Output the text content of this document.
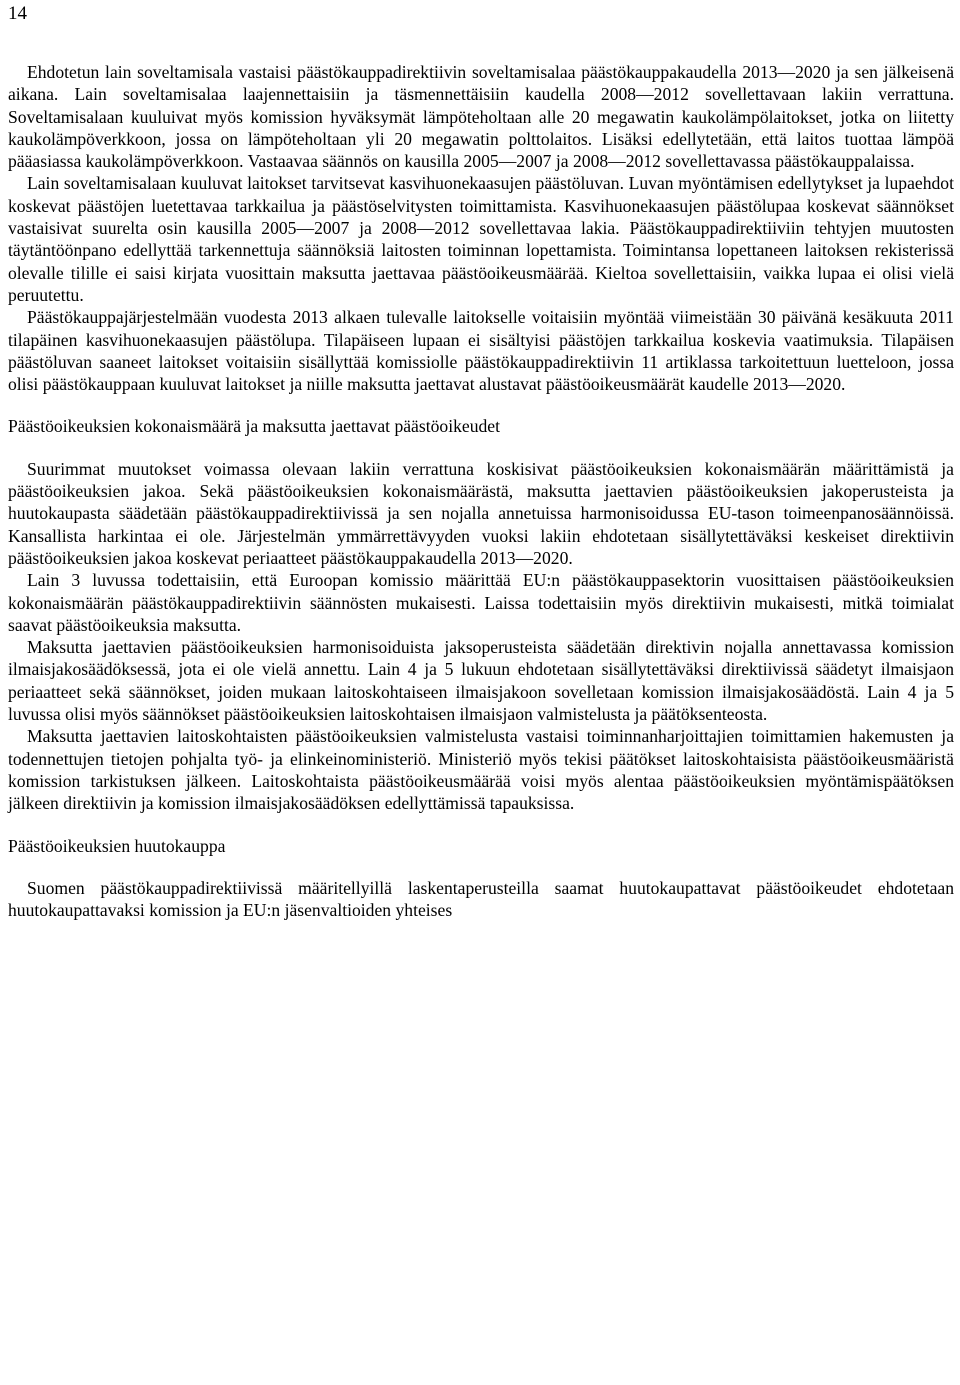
14

Ehdotetun lain soveltamisala vastaisi päästökauppadirektiivin soveltamisalaa päästökauppakaudella 2013—2020 ja sen jälkeisenä aikana. Lain soveltamisalaa laajennettaisiin ja täsmennettäisiin kaudella 2008—2012 sovellettavaan lakiin verrattuna. Soveltamisalaan kuuluivat myös komission hyväksymät lämpöteholtaan alle 20 megawatin kaukolämpölaitokset, jotka on liitetty kaukolämpöverkkoon, jossa on lämpöteholtaan yli 20 megawatin polttolaitos. Lisäksi edellytetään, että laitos tuottaa lämpöä pääasiassa kaukolämpöverkkoon. Vastaavaa säännös on kausilla 2005—2007 ja 2008—2012 sovellettavassa päästökauppalaissa.

Lain soveltamisalaan kuuluvat laitokset tarvitsevat kasvihuonekaasujen päästöluvan. Luvan myöntämisen edellytykset ja lupaehdot koskevat päästöjen luetettavaa tarkkailua ja päästöselvitysten toimittamista. Kasvihuonekaasujen päästölupaa koskevat säännökset vastaisivat suurelta osin kausilla 2005—2007 ja 2008—2012 sovellettavaa lakia. Päästökauppadirektiiviin tehtyjen muutosten täytäntöönpano edellyttää tarkennettuja säännöksiä laitosten toiminnan lopettamista. Toimintansa lopettaneen laitoksen rekisterissä olevalle tilille ei saisi kirjata vuosittain maksutta jaettavaa päästöoikeusmäärää. Kieltoa sovellettaisiin, vaikka lupaa ei olisi vielä peruutettu.

Päästökauppajärjestelmään vuodesta 2013 alkaen tulevalle laitokselle voitaisiin myöntää viimeistään 30 päivänä kesäkuuta 2011 tilapäinen kasvihuonekaasujen päästölupa. Tilapäiseen lupaan ei sisältyisi päästöjen tarkkailua koskevia vaatimuksia. Tilapäisen päästöluvan saaneet laitokset voitaisiin sisällyttää komissiolle päästökauppadirektiivin 11 artiklassa tarkoitettuun luetteloon, jossa olisi päästökauppaan kuuluvat laitokset ja niille maksutta jaettavat alustavat päästöoikeusmäärät kaudelle 2013—2020.

Päästöoikeuksien kokonaismäärä ja maksutta jaettavat päästöoikeudet

Suurimmat muutokset voimassa olevaan lakiin verrattuna koskisivat päästöoikeuksien kokonaismäärän määrittämistä ja päästöoikeuksien jakoa. Sekä päästöoikeuksien kokonaismäärästä, maksutta jaettavien päästöoikeuksien jakoperusteista ja huutokaupasta säädetään päästökauppadirektiivissä ja sen nojalla annetuissa harmonisoidussa EU-tason toimeenpanosäännöissä. Kansallista harkintaa ei ole. Järjestelmän ymmärrettävyyden vuoksi lakiin ehdotetaan sisällytettäväksi keskeiset direktiivin päästöoikeuksien jakoa koskevat periaatteet päästökauppakaudella 2013—2020.

Lain 3 luvussa todettaisiin, että Euroopan komissio määrittää EU:n päästökauppasektorin vuosittaisen päästöoikeuksien kokonaismäärän päästökauppadirektiivin säännösten mukaisesti. Laissa todettaisiin myös direktiivin mukaisesti, mitkä toimialat saavat päästöoikeuksia maksutta.

Maksutta jaettavien päästöoikeuksien harmonisoiduista jaksoperusteista säädetään direktivin nojalla annettavassa komission ilmaisjakosäädöksessä, jota ei ole vielä annettu. Lain 4 ja 5 lukuun ehdotetaan sisällytettäväksi direktiivissä säädetyt ilmaisjaon periaatteet sekä säännökset, joiden mukaan laitoskohtaiseen ilmaisjakoon sovelletaan komission ilmaisjakosäädöstä. Lain 4 ja 5 luvussa olisi myös säännökset päästöoikeuksien laitoskohtaisen ilmaisjaon valmistelusta ja päätöksenteosta.

Maksutta jaettavien laitoskohtaisten päästöoikeuksien valmistelusta vastaisi toiminnanharjoittajien toimittamien hakemusten ja todennettujen tietojen pohjalta työ- ja elinkeinoministeriö. Ministeriö myös tekisi päätökset laitoskohtaisista päästöoikeusmääristä komission tarkistuksen jälkeen. Laitoskohtaista päästöoikeusmäärää voisi myös alentaa päästöoikeuksien myöntämispäätöksen jälkeen direktiivin ja komission ilmaisjakosäädöksen edellyttämissä tapauksissa.

Päästöoikeuksien huutokauppa

Suomen päästökauppadirektiivissä määritellyillä laskentaperusteilla saamat huutokaupattavat päästöoikeudet ehdotetaan huutokaupattavaksi komission ja EU:n jäsenvaltioiden yhteises
